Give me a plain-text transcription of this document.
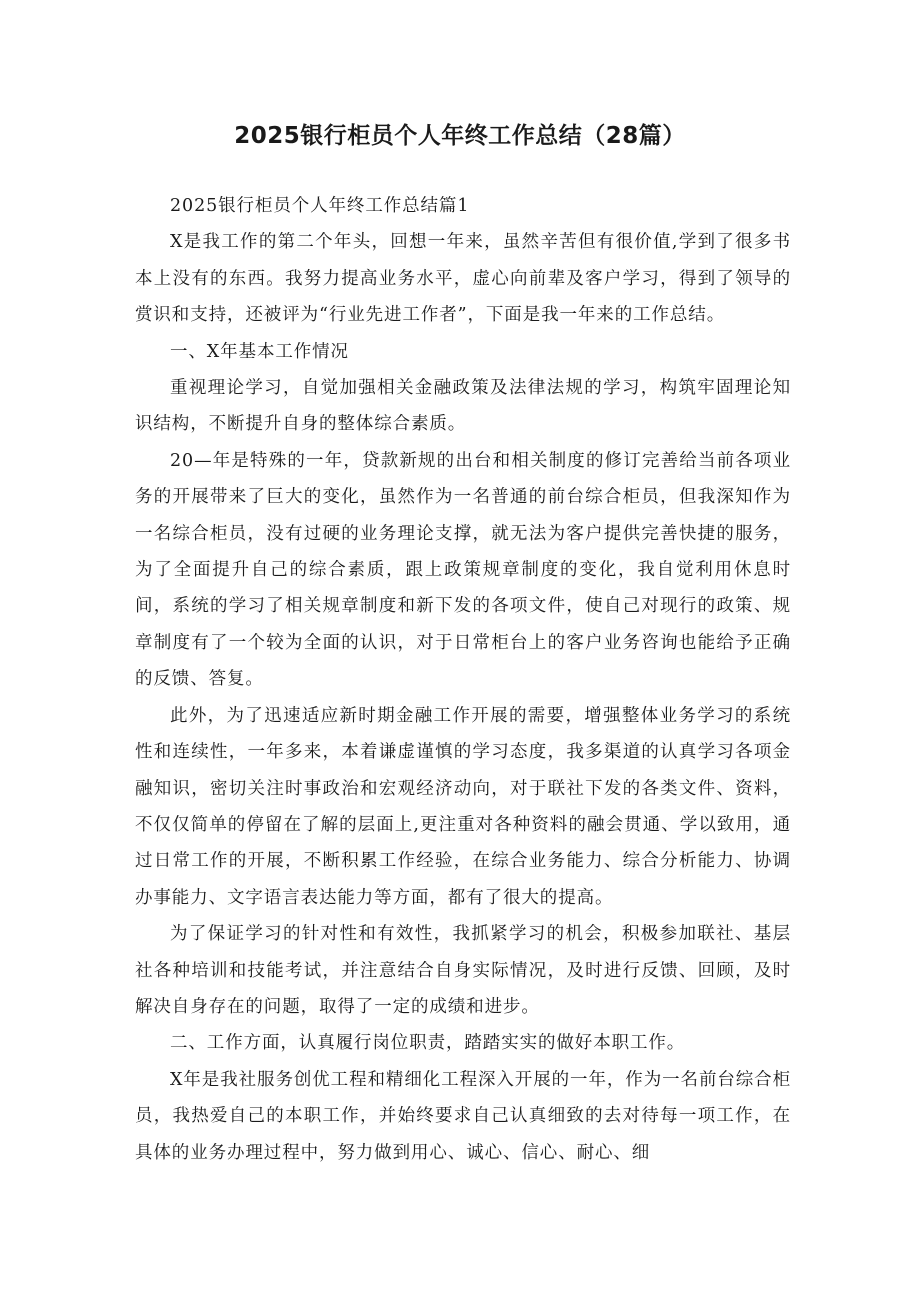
2025银行柜员个人年终工作总结（28篇）

2025银行柜员个人年终工作总结篇1

X是我工作的第二个年头，回想一年来，虽然辛苦但有很价值,学到了很多书本上没有的东西。我努力提高业务水平，虚心向前辈及客户学习，得到了领导的赏识和支持，还被评为“行业先进工作者”，下面是我一年来的工作总结。

一、X年基本工作情况

重视理论学习，自觉加强相关金融政策及法律法规的学习，构筑牢固理论知识结构，不断提升自身的整体综合素质。

20—年是特殊的一年，贷款新规的出台和相关制度的修订完善给当前各项业务的开展带来了巨大的变化，虽然作为一名普通的前台综合柜员，但我深知作为一名综合柜员，没有过硬的业务理论支撑，就无法为客户提供完善快捷的服务，为了全面提升自己的综合素质，跟上政策规章制度的变化，我自觉利用休息时间，系统的学习了相关规章制度和新下发的各项文件，使自己对现行的政策、规章制度有了一个较为全面的认识，对于日常柜台上的客户业务咨询也能给予正确的反馈、答复。

此外，为了迅速适应新时期金融工作开展的需要，增强整体业务学习的系统性和连续性，一年多来，本着谦虚谨慎的学习态度，我多渠道的认真学习各项金融知识，密切关注时事政治和宏观经济动向，对于联社下发的各类文件、资料，不仅仅简单的停留在了解的层面上,更注重对各种资料的融会贯通、学以致用，通过日常工作的开展，不断积累工作经验，在综合业务能力、综合分析能力、协调办事能力、文字语言表达能力等方面，都有了很大的提高。

为了保证学习的针对性和有效性，我抓紧学习的机会，积极参加联社、基层社各种培训和技能考试，并注意结合自身实际情况，及时进行反馈、回顾，及时解决自身存在的问题，取得了一定的成绩和进步。

二、工作方面，认真履行岗位职责，踏踏实实的做好本职工作。

X年是我社服务创优工程和精细化工程深入开展的一年，作为一名前台综合柜员，我热爱自己的本职工作，并始终要求自己认真细致的去对待每一项工作，在具体的业务办理过程中，努力做到用心、诚心、信心、耐心、细
